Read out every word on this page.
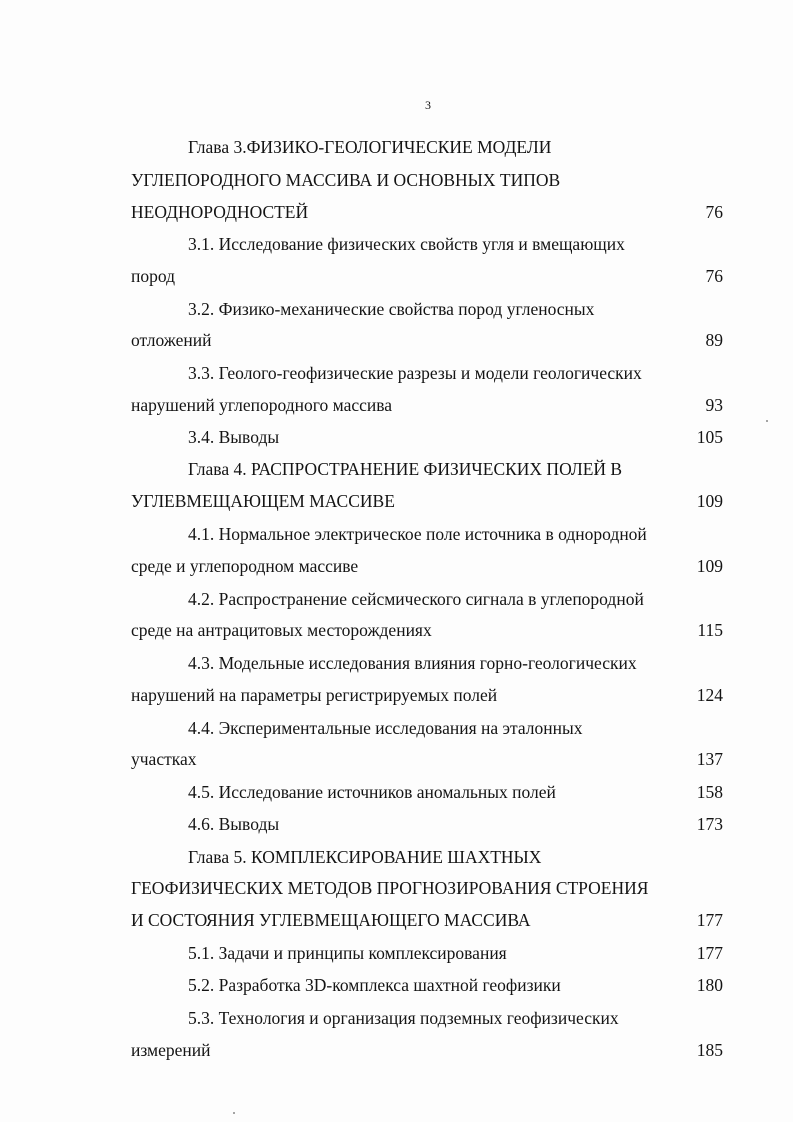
3
Глава 3.ФИЗИКО-ГЕОЛОГИЧЕСКИЕ МОДЕЛИ
УГЛЕПОРОДНОГО МАССИВА И ОСНОВНЫХ ТИПОВ
НЕОДНОРОДНОСТЕЙ	76
3.1. Исследование физических свойств угля и вмещающих
пород	76
3.2. Физико-механические свойства пород угленосных
отложений	89
3.3. Геолого-геофизические разрезы и модели геологических
нарушений углепородного массива	93
3.4. Выводы	105
Глава 4. РАСПРОСТРАНЕНИЕ ФИЗИЧЕСКИХ ПОЛЕЙ В
УГЛЕВМЕЩАЮЩЕМ МАССИВЕ	109
4.1. Нормальное электрическое поле источника в однородной
среде и углепородном массиве	109
4.2. Распространение сейсмического сигнала в углепородной
среде на антрацитовых месторождениях	115
4.3. Модельные исследования влияния горно-геологических
нарушений на параметры регистрируемых полей	124
4.4. Экспериментальные исследования на эталонных
участках	137
4.5. Исследование источников аномальных полей	158
4.6. Выводы	173
Глава 5. КОМПЛЕКСИРОВАНИЕ ШАХТНЫХ
ГЕОФИЗИЧЕСКИХ МЕТОДОВ ПРОГНОЗИРОВАНИЯ СТРОЕНИЯ
И СОСТОЯНИЯ УГЛЕВМЕЩАЮЩЕГО МАССИВА	177
5.1. Задачи и принципы комплексирования	177
5.2. Разработка 3D-комплекса шахтной геофизики	180
5.3. Технология и организация подземных геофизических
измерений	185
